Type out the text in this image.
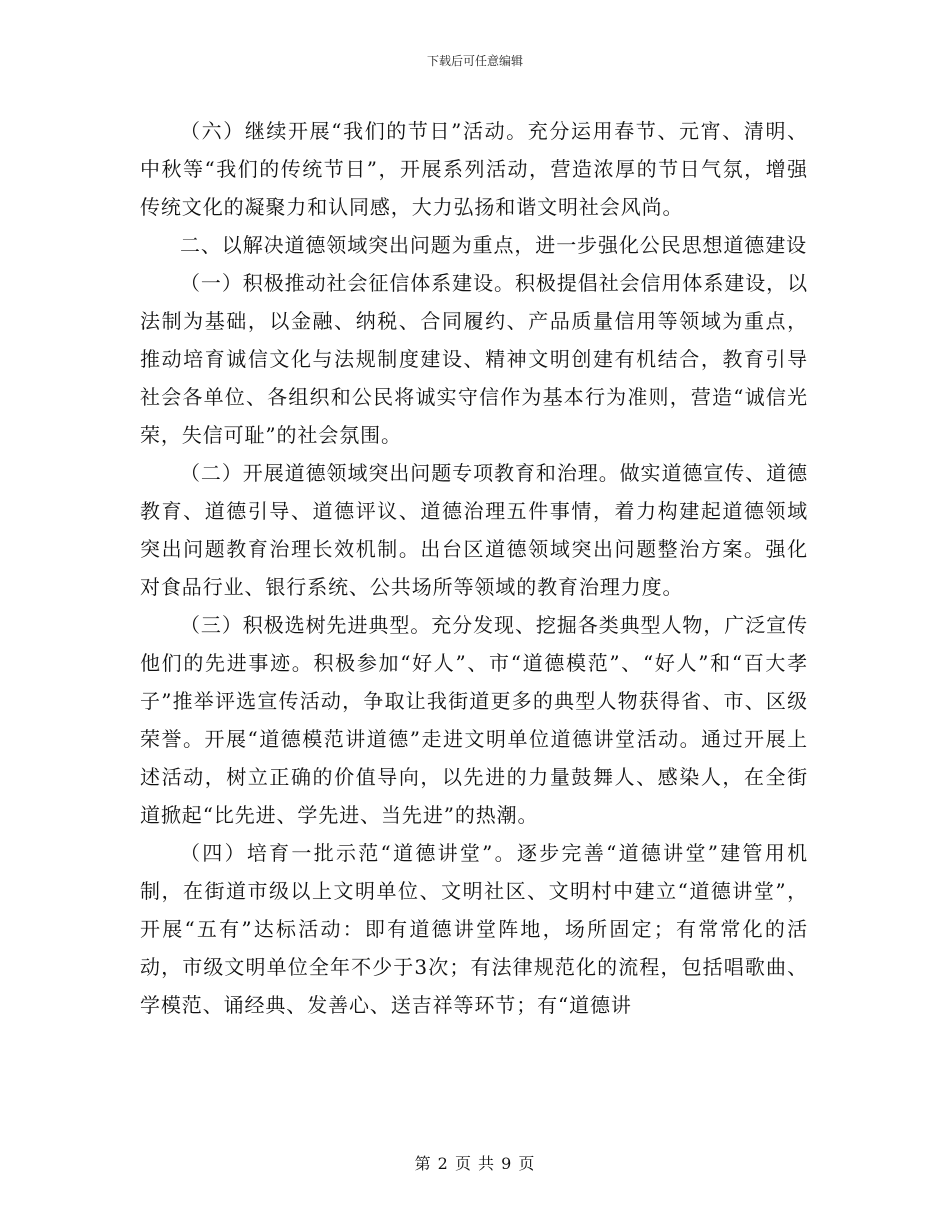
下载后可任意编辑

（六）继续开展“我们的节日”活动。充分运用春节、元宵、清明、中秋等“我们的传统节日”，开展系列活动，营造浓厚的节日气氛，增强传统文化的凝聚力和认同感，大力弘扬和谐文明社会风尚。

二、以解决道德领域突出问题为重点，进一步强化公民思想道德建设

（一）积极推动社会征信体系建设。积极提倡社会信用体系建设，以法制为基础，以金融、纳税、合同履约、产品质量信用等领域为重点，推动培育诚信文化与法规制度建设、精神文明创建有机结合，教育引导社会各单位、各组织和公民将诚实守信作为基本行为准则，营造“诚信光荣，失信可耻”的社会氛围。

（二）开展道德领域突出问题专项教育和治理。做实道德宣传、道德教育、道德引导、道德评议、道德治理五件事情，着力构建起道德领域突出问题教育治理长效机制。出台区道德领域突出问题整治方案。强化对食品行业、银行系统、公共场所等领域的教育治理力度。

（三）积极选树先进典型。充分发现、挖掘各类典型人物，广泛宣传他们的先进事迹。积极参加“好人”、市“道德模范”、“好人”和“百大孝子”推举评选宣传活动，争取让我街道更多的典型人物获得省、市、区级荣誉。开展“道德模范讲道德”走进文明单位道德讲堂活动。通过开展上述活动，树立正确的价值导向，以先进的力量鼓舞人、感染人，在全街道掀起“比先进、学先进、当先进”的热潮。

（四）培育一批示范“道德讲堂”。逐步完善“道德讲堂”建管用机制，在街道市级以上文明单位、文明社区、文明村中建立“道德讲堂”，开展“五有”达标活动：即有道德讲堂阵地，场所固定；有常常化的活动，市级文明单位全年不少于3次；有法律规范化的流程，包括唱歌曲、学模范、诵经典、发善心、送吉祥等环节；有“道德讲

第 2 页 共 9 页
